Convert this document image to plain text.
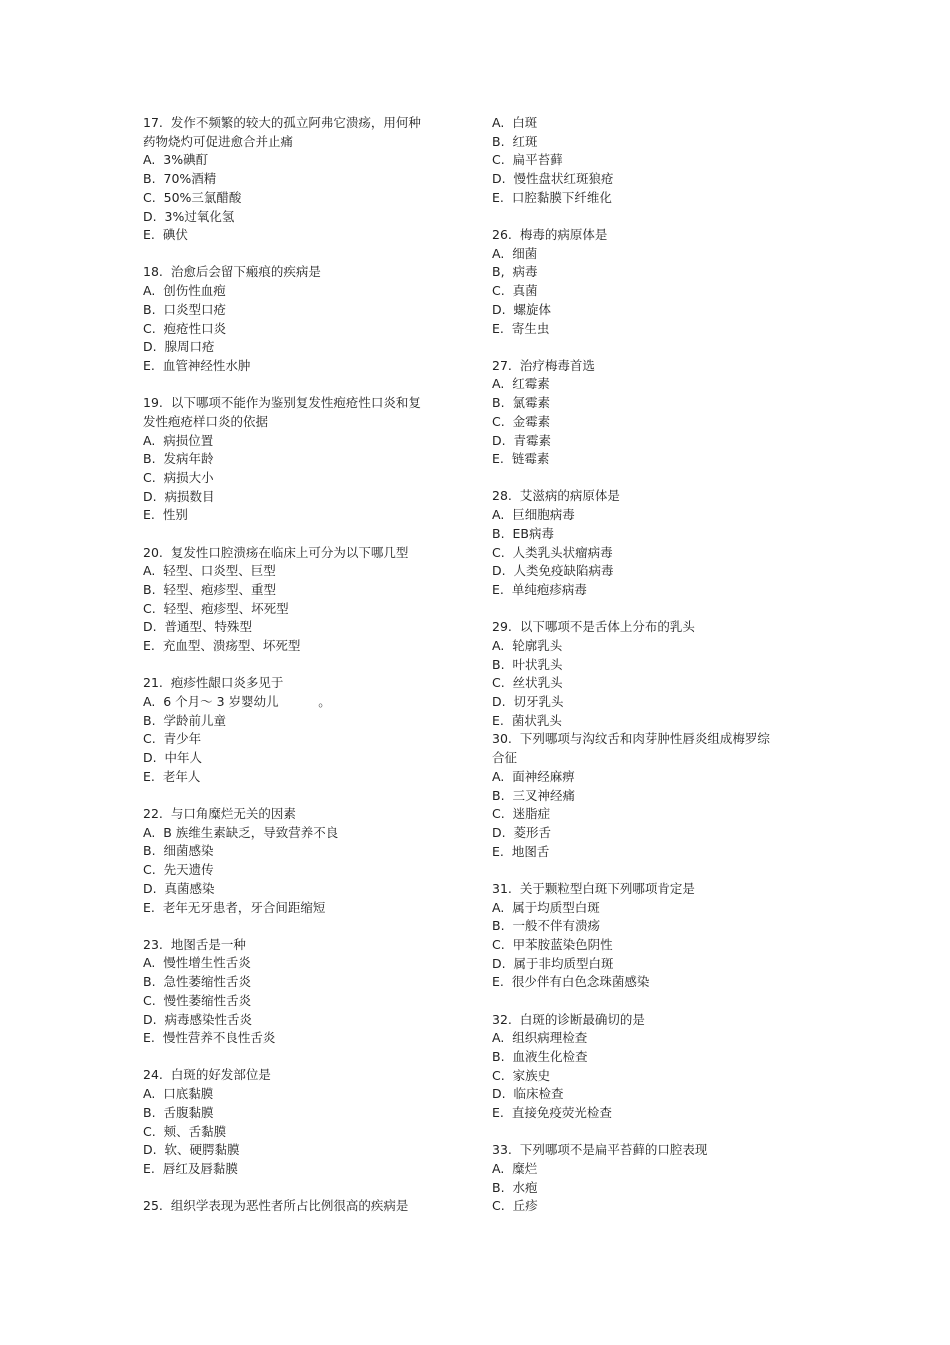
17.  发作不频繁的较大的孤立阿弗它溃疡，用何种
药物烧灼可促进愈合并止痛
A.  3%碘酊
B.  70%酒精
C.  50%三氯醋酸
D.  3%过氧化氢
E.  碘伏
18.  治愈后会留下瘢痕的疾病是
A.  创伤性血疱
B.  口炎型口疮
C.  疱疮性口炎
D.  腺周口疮
E.  血管神经性水肿
19.  以下哪项不能作为鉴别复发性疱疮性口炎和复
发性疱疮样口炎的依据
A.  病损位置
B.  发病年龄
C.  病损大小
D.  病损数目
E.  性别
20.  复发性口腔溃疡在临床上可分为以下哪几型
A.  轻型、口炎型、巨型
B.  轻型、疱疹型、重型
C.  轻型、疱疹型、坏死型
D.  普通型、特殊型
E.  充血型、溃疡型、坏死型
21.  疱疹性龈口炎多见于
A.  6 个月～ 3 岁婴幼儿          。
B.  学龄前儿童
C.  青少年
D.  中年人
E.  老年人
22.  与口角糜烂无关的因素
A.  B 族维生素缺乏，导致营养不良
B.  细菌感染
C.  先天遗传
D.  真菌感染
E.  老年无牙患者，牙合间距缩短
23.  地图舌是一种
A.  慢性增生性舌炎
B.  急性萎缩性舌炎
C.  慢性萎缩性舌炎
D.  病毒感染性舌炎
E.  慢性营养不良性舌炎
24.  白斑的好发部位是
A.  口底黏膜
B.  舌腹黏膜
C.  颊、舌黏膜
D.  软、硬腭黏膜
E.  唇红及唇黏膜
25.  组织学表现为恶性者所占比例很高的疾病是
A.  白斑
B.  红斑
C.  扁平苔藓
D.  慢性盘状红斑狼疮
E.  口腔黏膜下纤维化
26.  梅毒的病原体是
A.  细菌
B,  病毒
C.  真菌
D.  螺旋体
E.  寄生虫
27.  治疗梅毒首选
A.  红霉素
B.  氯霉素
C.  金霉素
D.  青霉素
E.  链霉素
28.  艾滋病的病原体是
A.  巨细胞病毒
B.  EB病毒
C.  人类乳头状瘤病毒
D.  人类免疫缺陷病毒
E.  单纯疱疹病毒
29.  以下哪项不是舌体上分布的乳头
A.  轮廓乳头
B.  叶状乳头
C.  丝状乳头
D.  切牙乳头
E.  菌状乳头
30.  下列哪项与沟纹舌和肉芽肿性唇炎组成梅罗综
合征
A.  面神经麻痹
B.  三叉神经痛
C.  迷脂症
D.  菱形舌
E.  地图舌
31.  关于颗粒型白斑下列哪项肯定是
A.  属于均质型白斑
B.  一般不伴有溃疡
C.  甲苯胺蓝染色阴性
D.  属于非均质型白斑
E.  很少伴有白色念珠菌感染
32.  白斑的诊断最确切的是
A.  组织病理检查
B.  血液生化检查
C.  家族史
D.  临床检查
E.  直接免疫荧光检查
33.  下列哪项不是扁平苔藓的口腔表现
A.  糜烂
B.  水疱
C.  丘疹
